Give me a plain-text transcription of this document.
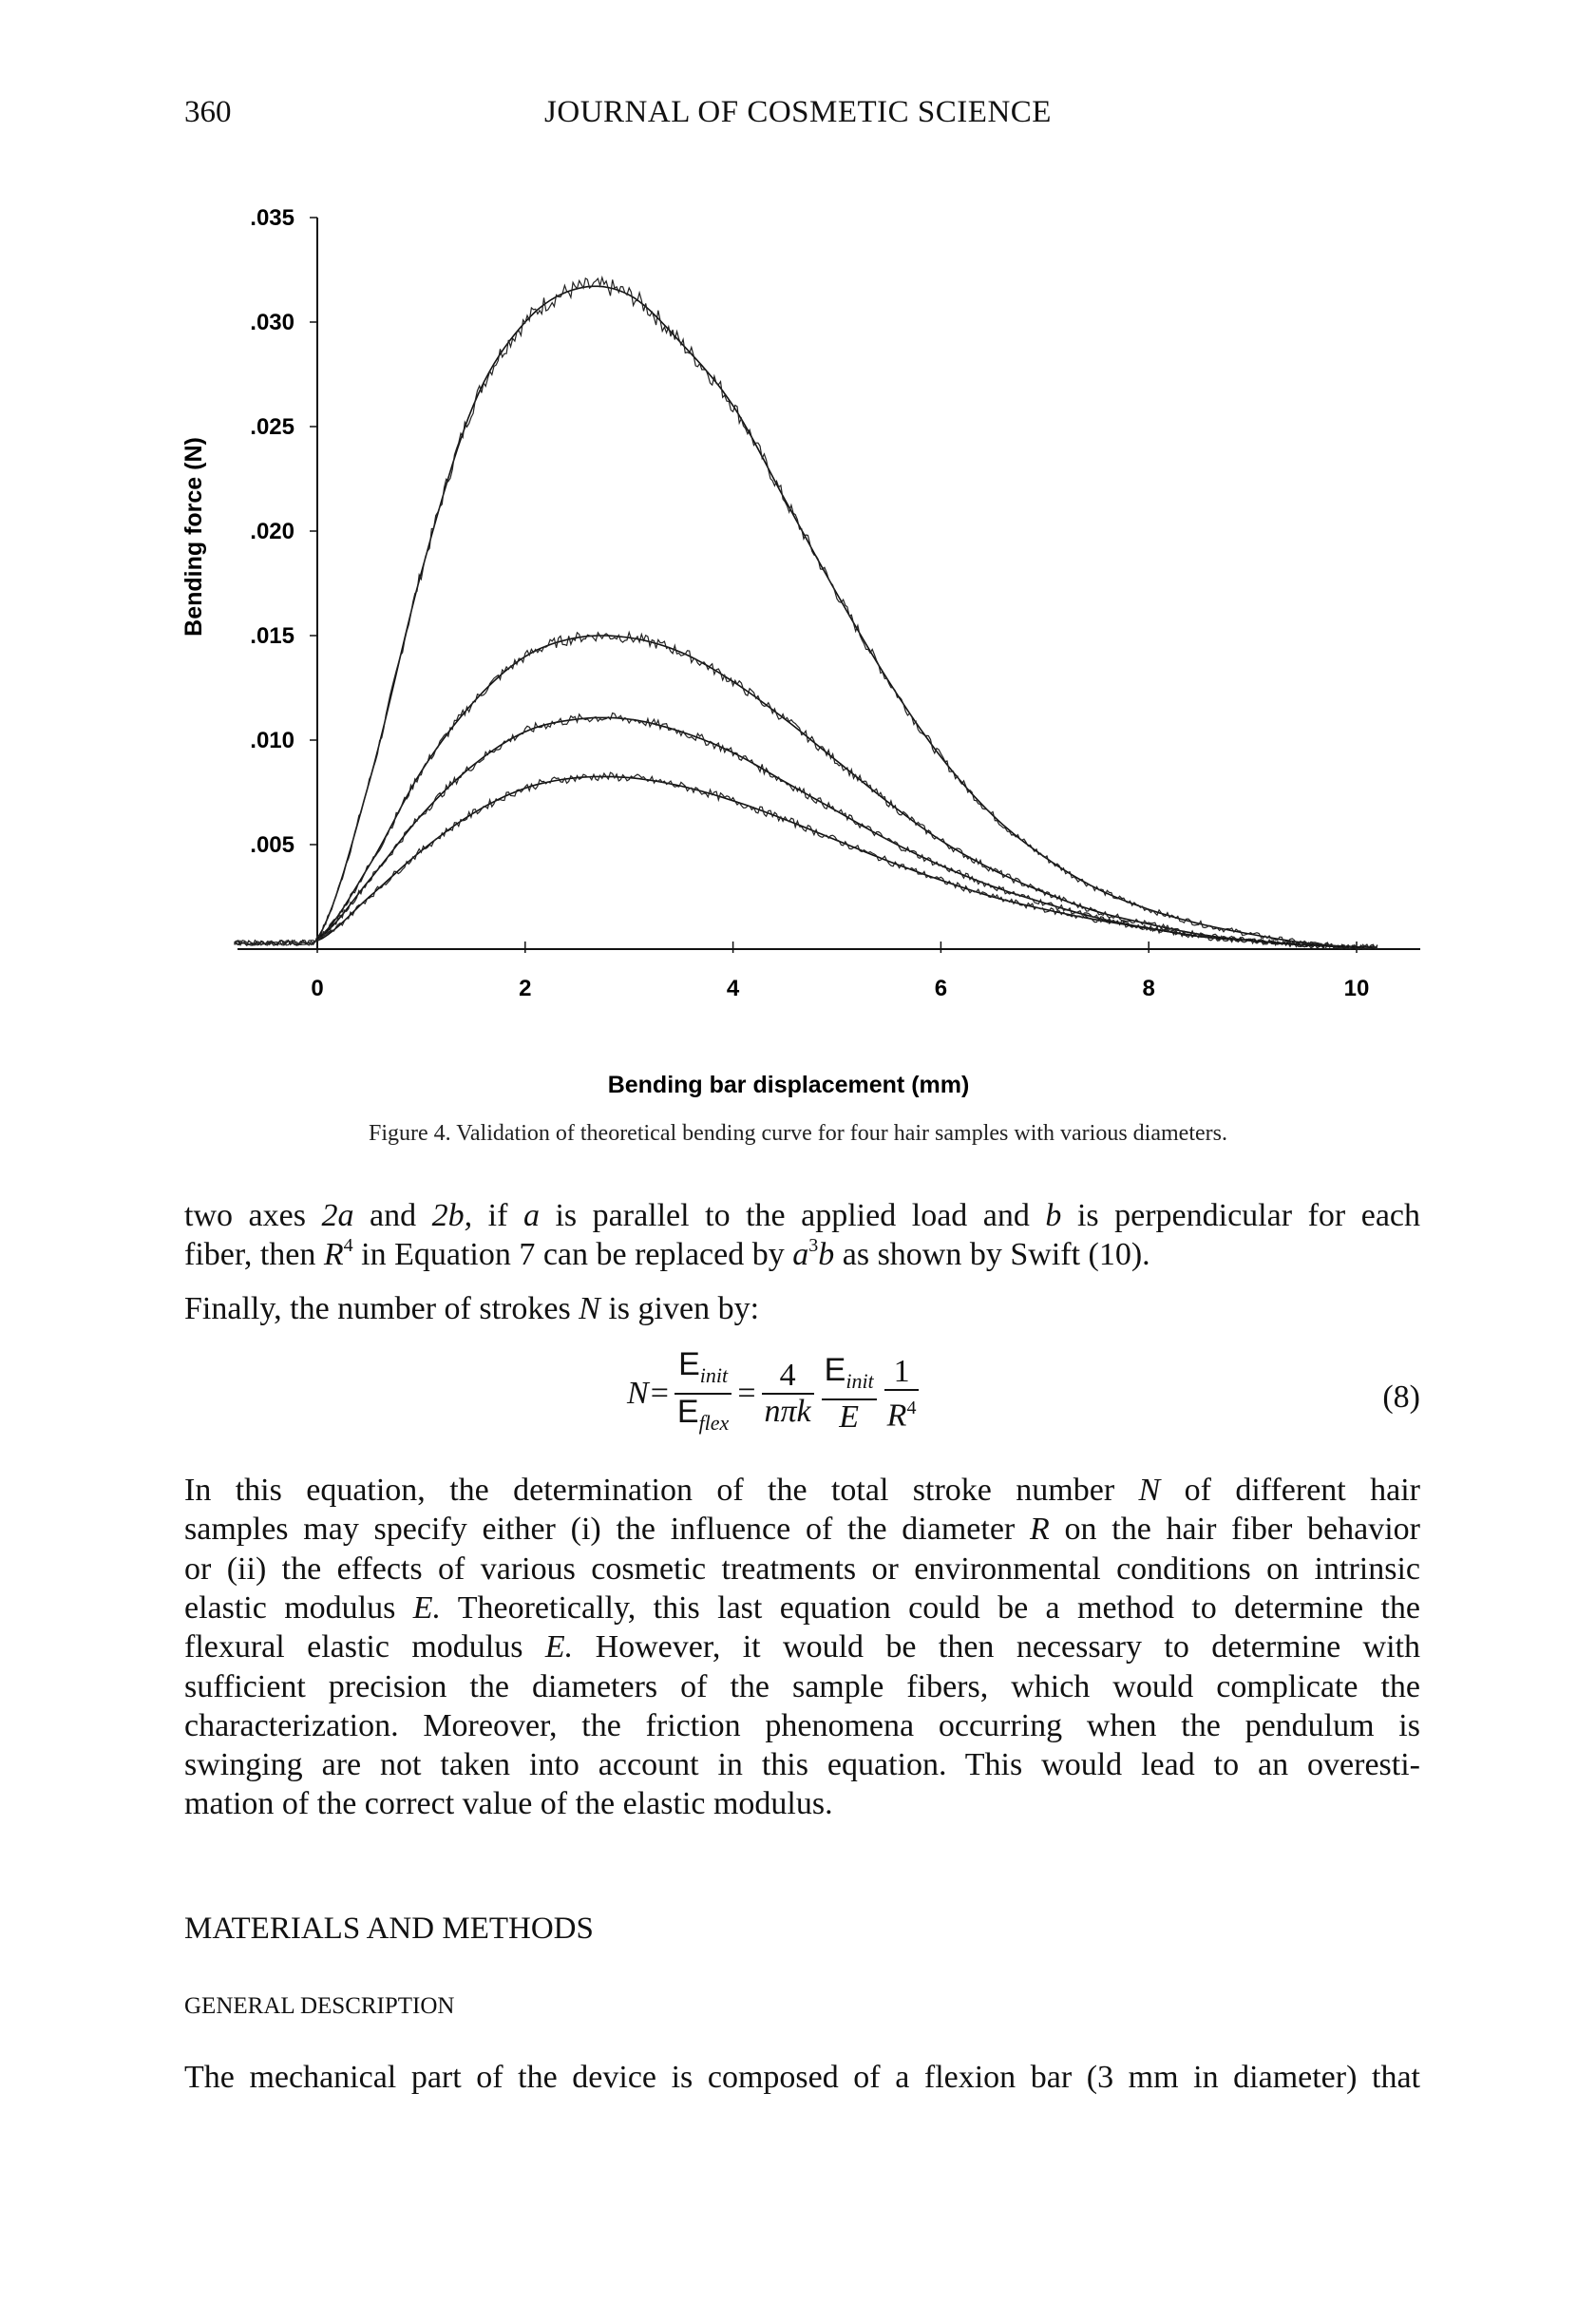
360	JOURNAL OF COSMETIC SCIENCE
.005
.010
.015
.020
.025
.030
.035
0	2	4	6	8	10
Bending force (N)
Bending bar displacement (mm)
Figure 4. Validation of theoretical bending curve for four hair samples with various diameters.
two axes 2a and 2b, if a is parallel to the applied load and b is perpendicular for each
fiber, then $R^4$ in Equation 7 can be replaced by $a^3b$ as shown by Swift (10).
Finally, the number of strokes N is given by:
In this equation, the determination of the total stroke number N of different hair
samples may specify either (i) the influence of the diameter R on the hair fiber behavior
or (ii) the effects of various cosmetic treatments or environmental conditions on intrinsic
elastic modulus E. Theoretically, this last equation could be a method to determine the
flexural elastic modulus E. However, it would be then necessary to determine with
sufficient precision the diameters of the sample fibers, which would complicate the
characterization. Moreover, the friction phenomena occurring when the pendulum is
swinging are not taken into account in this equation. This would lead to an overesti-
mation of the correct value of the elastic modulus.
The mechanical part of the device is composed of a flexion bar (3 mm in diameter) that
$N = \frac{E_{init}}{E_{flex}} = \frac{4}{\text{nπk}} \frac{E_{init}}{E} \frac{1}{R^4}$	(8)
MATERIALS AND METHODS
GENERAL DESCRIPTION
